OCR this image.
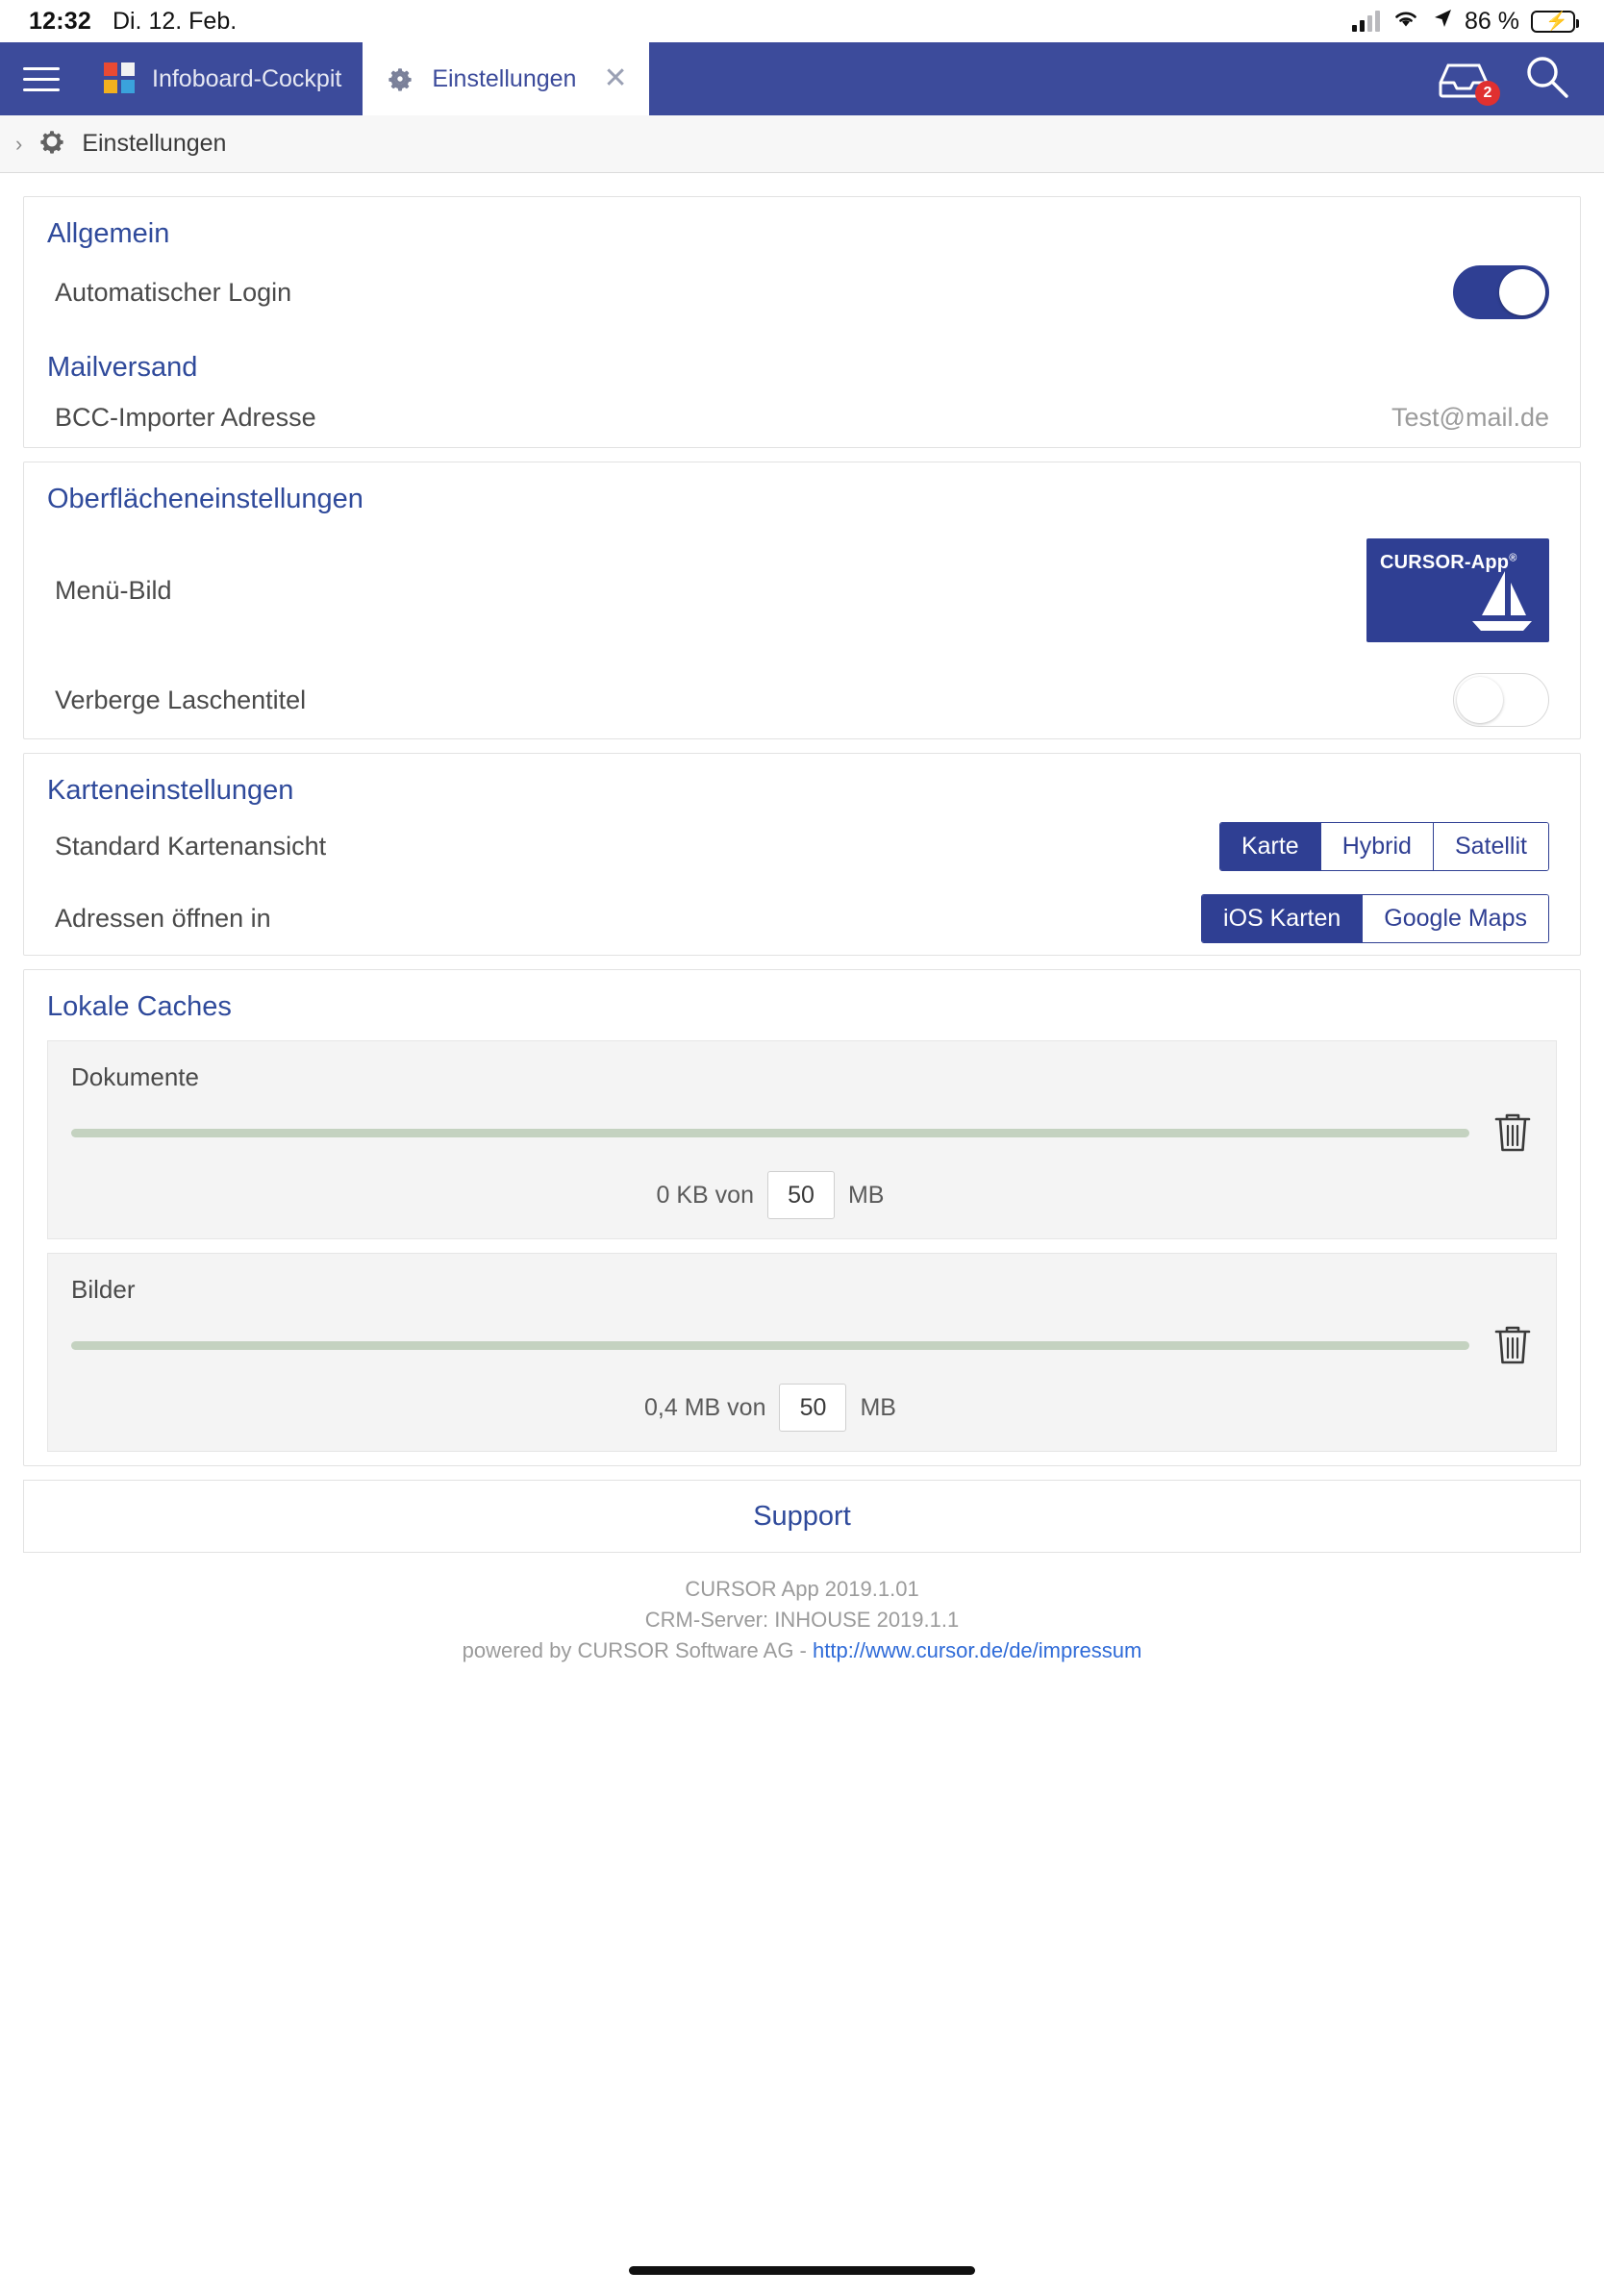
12:32 Di. 12. Feb.	86 % ⚡
Infoboard-Cockpit	Einstellungen ✕	2
› Einstellungen
Allgemein
Automatischer Login
Mailversand
BCC-Importer Adresse	Test@mail.de
Oberflächeneinstellungen
Menü-Bild
CURSOR-App®
Verberge Laschentitel
Karteneinstellungen
Standard Kartenansicht	Karte	Hybrid	Satellit
Adressen öffnen in	iOS Karten	Google Maps
Lokale Caches
Dokumente
0 KB von
50	MB
Bilder
0,4 MB von
50	MB
Support
CURSOR App 2019.1.01
CRM-Server: INHOUSE 2019.1.1
powered by CURSOR Software AG - http://www.cursor.de/de/impressum
